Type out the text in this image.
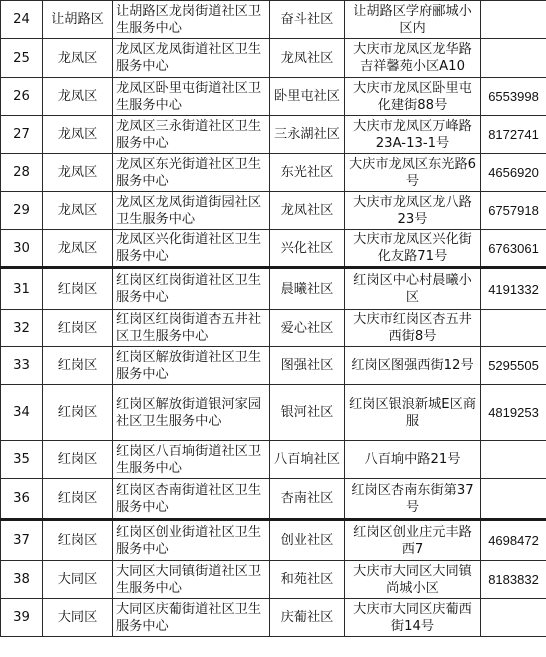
24	让胡路区	让胡路区龙岗街道社区卫生服务中心	奋斗社区	让胡路区学府郦城小区内	
25	龙凤区	龙凤区龙凤街道社区卫生服务中心	龙凤社区	大庆市龙凤区龙华路吉祥馨苑小区A10	
26	龙凤区	龙凤区卧里屯街道社区卫生服务中心	卧里屯社区	大庆市龙凤区卧里屯化建街88号	6553998
27	龙凤区	龙凤区三永街道社区卫生服务中心	三永湖社区	大庆市龙凤区万峰路23A-13-1号	8172741
28	龙凤区	龙凤区东光街道社区卫生服务中心	东光社区	大庆市龙凤区东光路6号	4656920
29	龙凤区	龙凤区龙凤街道街园社区卫生服务中心	龙凤社区	大庆市龙凤区龙八路23号	6757918
30	龙凤区	龙凤区兴化街道社区卫生服务中心	兴化社区	大庆市龙凤区兴化街化友路71号	6763061
31	红岗区	红岗区红岗街道社区卫生服务中心	晨曦社区	红岗区中心村晨曦小区	4191332
32	红岗区	红岗区红岗街道杏五井社区卫生服务中心	爱心社区	大庆市红岗区杏五井西街8号	
33	红岗区	红岗区解放街道社区卫生服务中心	图强社区	红岗区图强西街12号	5295505
34	红岗区	红岗区解放街道银河家园社区卫生服务中心	银河社区	红岗区银浪新城E区商服	4819253
35	红岗区	红岗区八百垧街道社区卫生服务中心	八百垧社区	八百垧中路21号	
36	红岗区	红岗区杏南街道社区卫生服务中心	杏南社区	红岗区杏南东街第37号	
37	红岗区	红岗区创业街道社区卫生服务中心	创业社区	红岗区创业庄元丰路西7	4698472
38	大同区	大同区大同镇街道社区卫生服务中心	和苑社区	大庆市大同区大同镇尚城小区	8183832
39	大同区	大同区庆葡街道社区卫生服务中心	庆葡社区	大庆市大同区庆葡西街14号	
